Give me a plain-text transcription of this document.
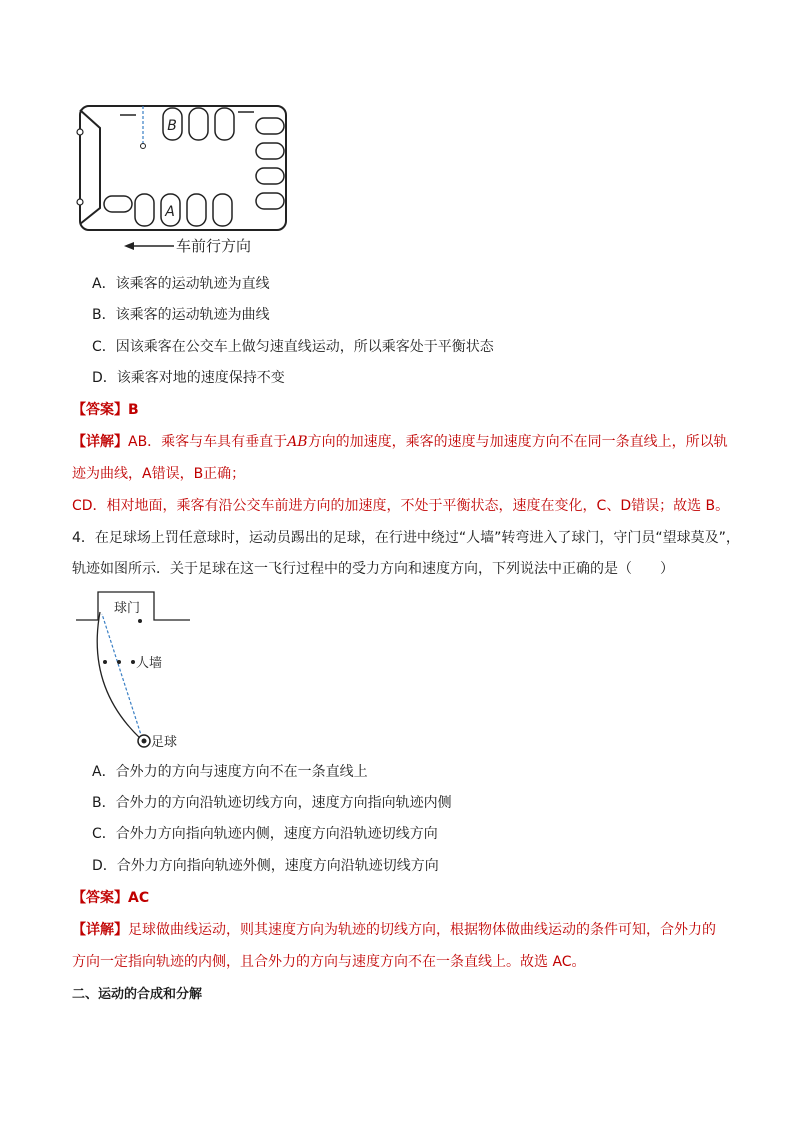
B
A
车前行方向
A．该乘客的运动轨迹为直线
B．该乘客的运动轨迹为曲线
C．因该乘客在公交车上做匀速直线运动，所以乘客处于平衡状态
D．该乘客对地的速度保持不变
【答案】B
【详解】AB．乘客与车具有垂直于AB方向的加速度，乘客的速度与加速度方向不在同一条直线上，所以轨
迹为曲线，A错误，B正确；
CD．相对地面，乘客有沿公交车前进方向的加速度，不处于平衡状态，速度在变化，C、D错误；故选 B。
4．在足球场上罚任意球时，运动员踢出的足球，在行进中绕过“人墙”转弯进入了球门，守门员“望球莫及”，
轨迹如图所示．关于足球在这一飞行过程中的受力方向和速度方向，下列说法中正确的是（　　）
球门
人墙
足球
A．合外力的方向与速度方向不在一条直线上
B．合外力的方向沿轨迹切线方向，速度方向指向轨迹内侧
C．合外力方向指向轨迹内侧，速度方向沿轨迹切线方向
D．合外力方向指向轨迹外侧，速度方向沿轨迹切线方向
【答案】AC
【详解】足球做曲线运动，则其速度方向为轨迹的切线方向，根据物体做曲线运动的条件可知，合外力的
方向一定指向轨迹的内侧，且合外力的方向与速度方向不在一条直线上。故选 AC。
二、运动的合成和分解
